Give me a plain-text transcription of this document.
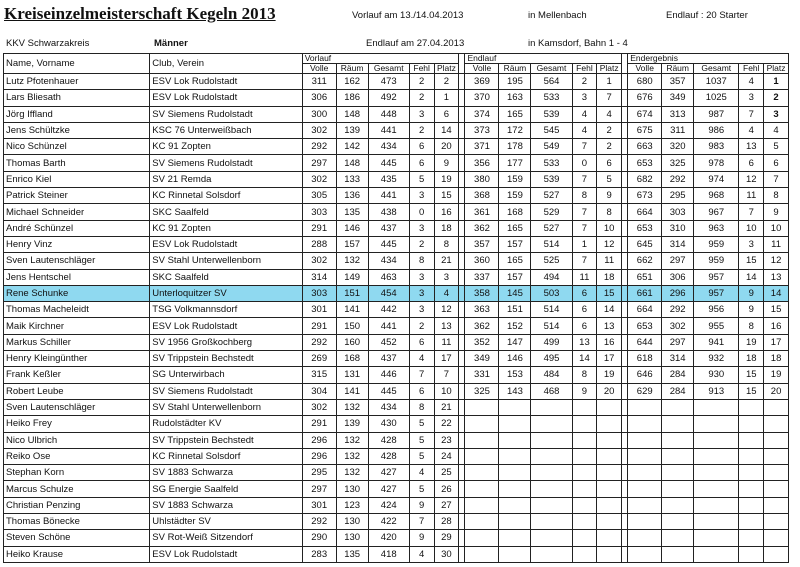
Kreiseinzelmeisterschaft Kegeln 2013	Vorlauf am 13./14.04.2013	in Mellenbach	Endlauf : 20 Starter
KKV Schwarzakreis	Männer	Endlauf am 27.04.2013	in Kamsdorf, Bahn 1 - 4
Name, Vorname	Club, Verein	Vorlauf						Endlauf						Endergebnis				
		Volle	Räum	Gesamt	Fehl	Platz		Volle	Räum	Gesamt	Fehl	Platz		Volle	Räum	Gesamt	Fehl	Platz
Lutz Pfotenhauer	ESV Lok Rudolstadt	311	162	473	2	2		369	195	564	2	1		680	357	1037	4	1
Lars Bliesath	ESV Lok Rudolstadt	306	186	492	2	1		370	163	533	3	7		676	349	1025	3	2
Jörg Iffland	SV Siemens Rudolstadt	300	148	448	3	6		374	165	539	4	4		674	313	987	7	3
Jens Schültzke	KSC 76 Unterweißbach	302	139	441	2	14		373	172	545	4	2		675	311	986	4	4
Nico Schünzel	KC 91 Zopten	292	142	434	6	20		371	178	549	7	2		663	320	983	13	5
Thomas Barth	SV Siemens Rudolstadt	297	148	445	6	9		356	177	533	0	6		653	325	978	6	6
Enrico Kiel	SV 21 Remda	302	133	435	5	19		380	159	539	7	5		682	292	974	12	7
Patrick Steiner	KC Rinnetal Solsdorf	305	136	441	3	15		368	159	527	8	9		673	295	968	11	8
Michael Schneider	SKC Saalfeld	303	135	438	0	16		361	168	529	7	8		664	303	967	7	9
André Schünzel	KC 91 Zopten	291	146	437	3	18		362	165	527	7	10		653	310	963	10	10
Henry Vinz	ESV Lok Rudolstadt	288	157	445	2	8		357	157	514	1	12		645	314	959	3	11
Sven Lautenschläger	SV Stahl Unterwellenborn	302	132	434	8	21		360	165	525	7	11		662	297	959	15	12
Jens Hentschel	SKC Saalfeld	314	149	463	3	3		337	157	494	11	18		651	306	957	14	13
Rene Schunke	Unterloquitzer SV	303	151	454	3	4		358	145	503	6	15		661	296	957	9	14
Thomas Macheleidt	TSG Volkmannsdorf	301	141	442	3	12		363	151	514	6	14		664	292	956	9	15
Maik Kirchner	ESV Lok Rudolstadt	291	150	441	2	13		362	152	514	6	13		653	302	955	8	16
Markus Schiller	SV 1956 Großkochberg	292	160	452	6	11		352	147	499	13	16		644	297	941	19	17
Henry Kleingünther	SV Trippstein Bechstedt	269	168	437	4	17		349	146	495	14	17		618	314	932	18	18
Frank Keßler	SG Unterwirbach	315	131	446	7	7		331	153	484	8	19		646	284	930	15	19
Robert Leube	SV Siemens Rudolstadt	304	141	445	6	10		325	143	468	9	20		629	284	913	15	20
Sven Lautenschläger	SV Stahl Unterwellenborn	302	132	434	8	21												
Heiko Frey	Rudolstädter KV	291	139	430	5	22												
Nico Ulbrich	SV Trippstein Bechstedt	296	132	428	5	23												
Reiko Ose	KC Rinnetal Solsdorf	296	132	428	5	24												
Stephan Korn	SV 1883 Schwarza	295	132	427	4	25												
Marcus Schulze	SG Energie Saalfeld	297	130	427	5	26												
Christian Penzing	SV 1883 Schwarza	301	123	424	9	27												
Thomas Bönecke	Uhlstädter SV	292	130	422	7	28												
Steven Schöne	SV Rot-Weiß Sitzendorf	290	130	420	9	29												
Heiko Krause	ESV Lok Rudolstadt	283	135	418	4	30												
